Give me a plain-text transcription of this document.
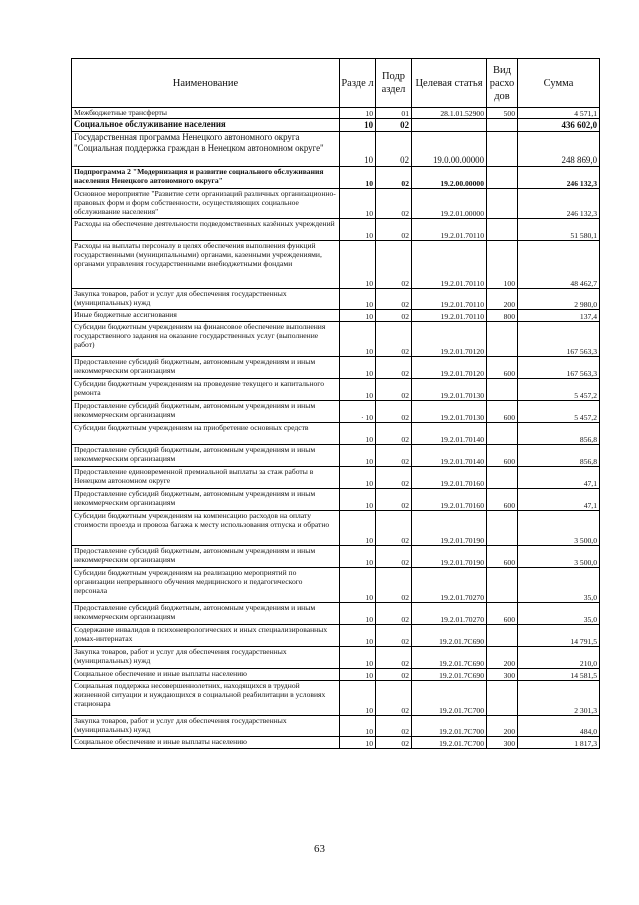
Наименование	Разде л	Подр аздел	Целевая статья	Вид расхо дов	Сумма
Межбюджетные трансферты	10	01	28.1.01.52900	500	4 571,1
Социальное обслуживание населения	10	02			436 602,0
Государственная программа Ненецкого автономного округа "Социальная поддержка граждан в Ненецком автономном округе"	10	02	19.0.00.00000		248 869,0
Подпрограмма 2 "Модернизация и развитие социального обслуживания населения Ненецкого автономного округа"	10	02	19.2.00.00000		246 132,3
Основное мероприятие "Развитие сети организаций различных организационно-правовых форм и форм собственности, осуществляющих социальное обслуживание населения"	10	02	19.2.01.00000		246 132,3
Расходы на обеспечение деятельности подведомственных казённых учреждений	10	02	19.2.01.70110		51 580,1
Расходы на выплаты персоналу в целях обеспечения выполнения функций государственными (муниципальными) органами, казенными учреждениями, органами управления государственными внебюджетными фондами	10	02	19.2.01.70110	100	48 462,7
Закупка товаров, работ и услуг для обеспечения государственных (муниципальных) нужд	10	02	19.2.01.70110	200	2 980,0
Иные бюджетные ассигнования	10	02	19.2.01.70110	800	137,4
Субсидии бюджетным учреждениям на финансовое обеспечение выполнения государственного задания на оказание государственных услуг (выполнение работ)	10	02	19.2.01.70120		167 563,3
Предоставление субсидий бюджетным, автономным учреждениям и иным некоммерческим организациям	10	02	19.2.01.70120	600	167 563,3
Субсидии бюджетным учреждениям на проведение текущего и капитального ремонта	10	02	19.2.01.70130		5 457,2
Предоставление субсидий бюджетным, автономным учреждениям и иным некоммерческим организациям	· 10	02	19.2.01.70130	600	5 457,2
Субсидии бюджетным учреждениям на приобретение основных средств	10	02	19.2.01.70140		856,8
Предоставление субсидий бюджетным, автономным учреждениям и иным некоммерческим организациям	10	02	19.2.01.70140	600	856,8
Предоставление единовременной премиальной выплаты за стаж работы в Ненецком автономном округе	10	02	19.2.01.70160		47,1
Предоставление субсидий бюджетным, автономным учреждениям и иным некоммерческим организациям	10	02	19.2.01.70160	600	47,1
Субсидии бюджетным учреждениям на компенсацию расходов на оплату стоимости проезда и провоза багажа к месту использования отпуска и обратно	10	02	19.2.01.70190		3 500,0
Предоставление субсидий бюджетным, автономным учреждениям и иным некоммерческим организациям	10	02	19.2.01.70190	600	3 500,0
Субсидии бюджетным учреждениям на реализацию мероприятий по организации непрерывного обучения медицинского и педагогического персонала	10	02	19.2.01.70270		35,0
Предоставление субсидий бюджетным, автономным учреждениям и иным некоммерческим организациям	10	02	19.2.01.70270	600	35,0
Содержание инвалидов в психоневрологических и иных специализированных домах-интернатах	10	02	19.2.01.7С690		14 791,5
Закупка товаров, работ и услуг для обеспечения государственных (муниципальных) нужд	10	02	19.2.01.7С690	200	210,0
Социальное обеспечение и иные выплаты населению	10	02	19.2.01.7С690	300	14 581,5
Социальная поддержка несовершеннолетних, находящихся в трудной жизненной ситуации и нуждающихся в социальной реабилитации в условиях стационара	10	02	19.2.01.7С700		2 301,3
Закупка товаров, работ и услуг для обеспечения государственных (муниципальных) нужд	10	02	19.2.01.7С700	200	484,0
Социальное обеспечение и иные выплаты населению	10	02	19.2.01.7С700	300	1 817,3
63
